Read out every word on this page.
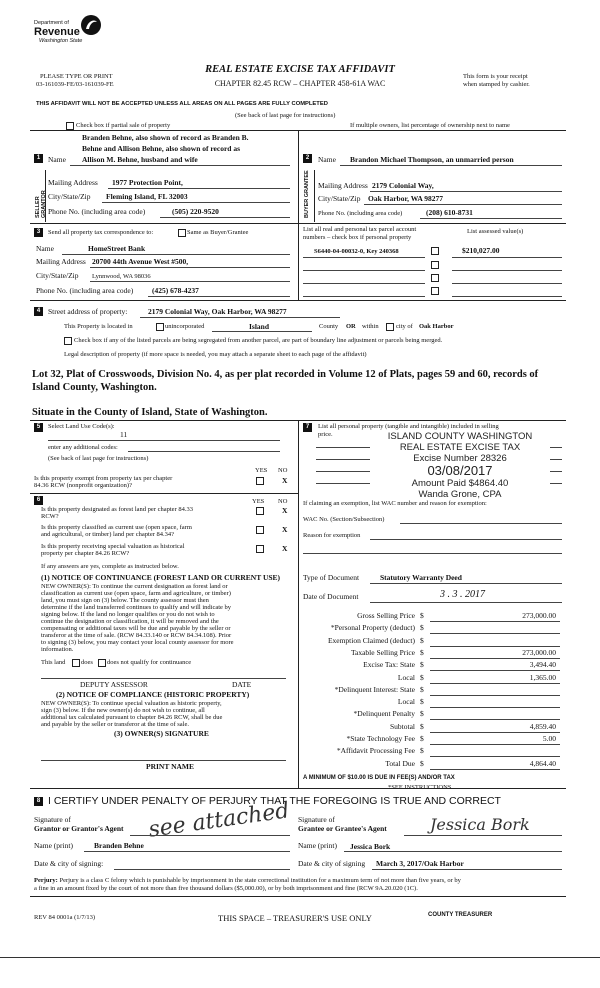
Department of
Revenue
Washington State
PLEASE TYPE OR PRINT
03-161039-FE/03-161039-FE
REAL ESTATE EXCISE TAX AFFIDAVIT
CHAPTER 82.45 RCW – CHAPTER 458-61A WAC
This form is your receipt
when stamped by cashier.
THIS AFFIDAVIT WILL NOT BE ACCEPTED UNLESS ALL AREAS ON ALL PAGES ARE FULLY COMPLETED
(See back of last page for instructions)
Check box if partial sale of property	If multiple owners, list percentage of ownership next to name
1
SELLER GRANTOR
Name
Branden Behne, also shown of record as Branden B.
Behne and Allison Behne, also shown of record as
Allison M. Behne, husband and wife
Mailing Address 1977 Protection Point,
City/State/Zip Fleming Island, FL 32003
Phone No. (including area code)	(505) 220-9520
2
BUYER GRANTEE
Name Brandon Michael Thompson, an unmarried person
Mailing Address 2179 Colonial Way,
City/State/Zip Oak Harbor, WA 98277
Phone No. (including area code)	(208) 610-8731
3	Send all property tax correspondence to:	Same as Buyer/Grantee
Name	HomeStreet Bank
Mailing Address 20700 44th Avenue West #500,
City/State/Zip Lynnwood, WA 98036
Phone No. (including area code) (425) 678-4237
List all real and personal tax parcel account
numbers – check box if personal property
List assessed value(s)
S6440-04-00032-0, Key 240368	$210,027.00
4	Street address of property:	2179 Colonial Way, Oak Harbor, WA 98277
This Property is located in	unincorporated	Island	County OR within	city of Oak Harbor
Check box if any of the listed parcels are being segregated from another parcel, are part of boundary line adjustment or parcels being merged.
Legal description of property (if more space is needed, you may attach a separate sheet to each page of the affidavit)
Lot 32, Plat of Crosswoods, Division No. 4, as per plat recorded in Volume 12 of Plats, pages 59 and 60, records of Island County, Washington.
Situate in the County of Island, State of Washington.
5	Select Land Use Code(s):
11
enter any additional codes:
(See back of last page for instructions)
YES NO
Is this property exempt from property tax per chapter
84.36 RCW (nonprofit organization)?
X
6	YES NO
Is this property designated as forest land per chapter 84.33
RCW?
X
Is this property classified as current use (open space, farm
and agricultural, or timber) land per chapter 84.34?
X
Is this property receiving special valuation as historical
property per chapter 84.26 RCW?
X
If any answers are yes, complete as instructed below.
(1) NOTICE OF CONTINUANCE (FOREST LAND OR CURRENT USE)
NEW OWNER(S): To continue the current designation as forest land or
classification as current use (open space, farm and agriculture, or timber)
land, you must sign on (3) below. The county assessor must then
determine if the land transferred continues to qualify and will indicate by
signing below. If the land no longer qualifies or you do not wish to
continue the designation or classification, it will be removed and the
compensating or additional taxes will be due and payable by the seller or
transferor at the time of sale. (RCW 84.33.140 or RCW 84.34.108). Prior
to signing (3) below, you may contact your local county assessor for more
information.
This land does does not qualify for continuance
DEPUTY ASSESSOR	DATE
(2) NOTICE OF COMPLIANCE (HISTORIC PROPERTY)
NEW OWNER(S): To continue special valuation as historic property,
sign (3) below. If the new owner(s) do not wish to continue, all
additional tax calculated pursuant to chapter 84.26 RCW, shall be due
and payable by the seller or transferor at the time of sale.
(3) OWNER(S) SIGNATURE
PRINT NAME
7	List all personal property (tangible and intangible) included in selling
price.	ISLAND COUNTY WASHINGTON
REAL ESTATE EXCISE TAX
Excise Number 28326
03/08/2017
Amount Paid $4864.40
Wanda Grone, CPA
If claiming an exemption, list WAC number and reason for exemption:
WAC No. (Section/Subsection)
Reason for exemption
Type of Document	Statutory Warranty Deed
Date of Document	3 . 3 . 2017
Gross Selling Price $	273,000.00
*Personal Property (deduct) $
Exemption Claimed (deduct) $
Taxable Selling Price $	273,000.00
Excise Tax: State $	3,494.40
Local $	1,365.00
*Delinquent Interest: State $
Local $
*Delinquent Penalty $
Subtotal $	4,859.40
*State Technology Fee $	5.00
*Affidavit Processing Fee $
Total Due $	4,864.40
A MINIMUM OF $10.00 IS DUE IN FEE(S) AND/OR TAX
*SEE INSTRUCTIONS
8 I CERTIFY UNDER PENALTY OF PERJURY THAT THE FOREGOING IS TRUE AND CORRECT
Signature of
Grantor or Grantor's Agent see attached
Name (print)	Branden Behne
Date & city of signing:
Signature of
Grantee or Grantee's Agent	Jessica Bork
Name (print) Jessica Bork
Date & city of signing March 3, 2017/Oak Harbor
Perjury: Perjury is a class C felony which is punishable by imprisonment in the state correctional institution for a maximum term of not more than five years, or by
a fine in an amount fixed by the court of not more than five thousand dollars ($5,000.00), or by both imprisonment and fine (RCW 9A.20.020 (1C).
REV 84 0001a (1/7/13)	THIS SPACE – TREASURER'S USE ONLY	COUNTY TREASURER
